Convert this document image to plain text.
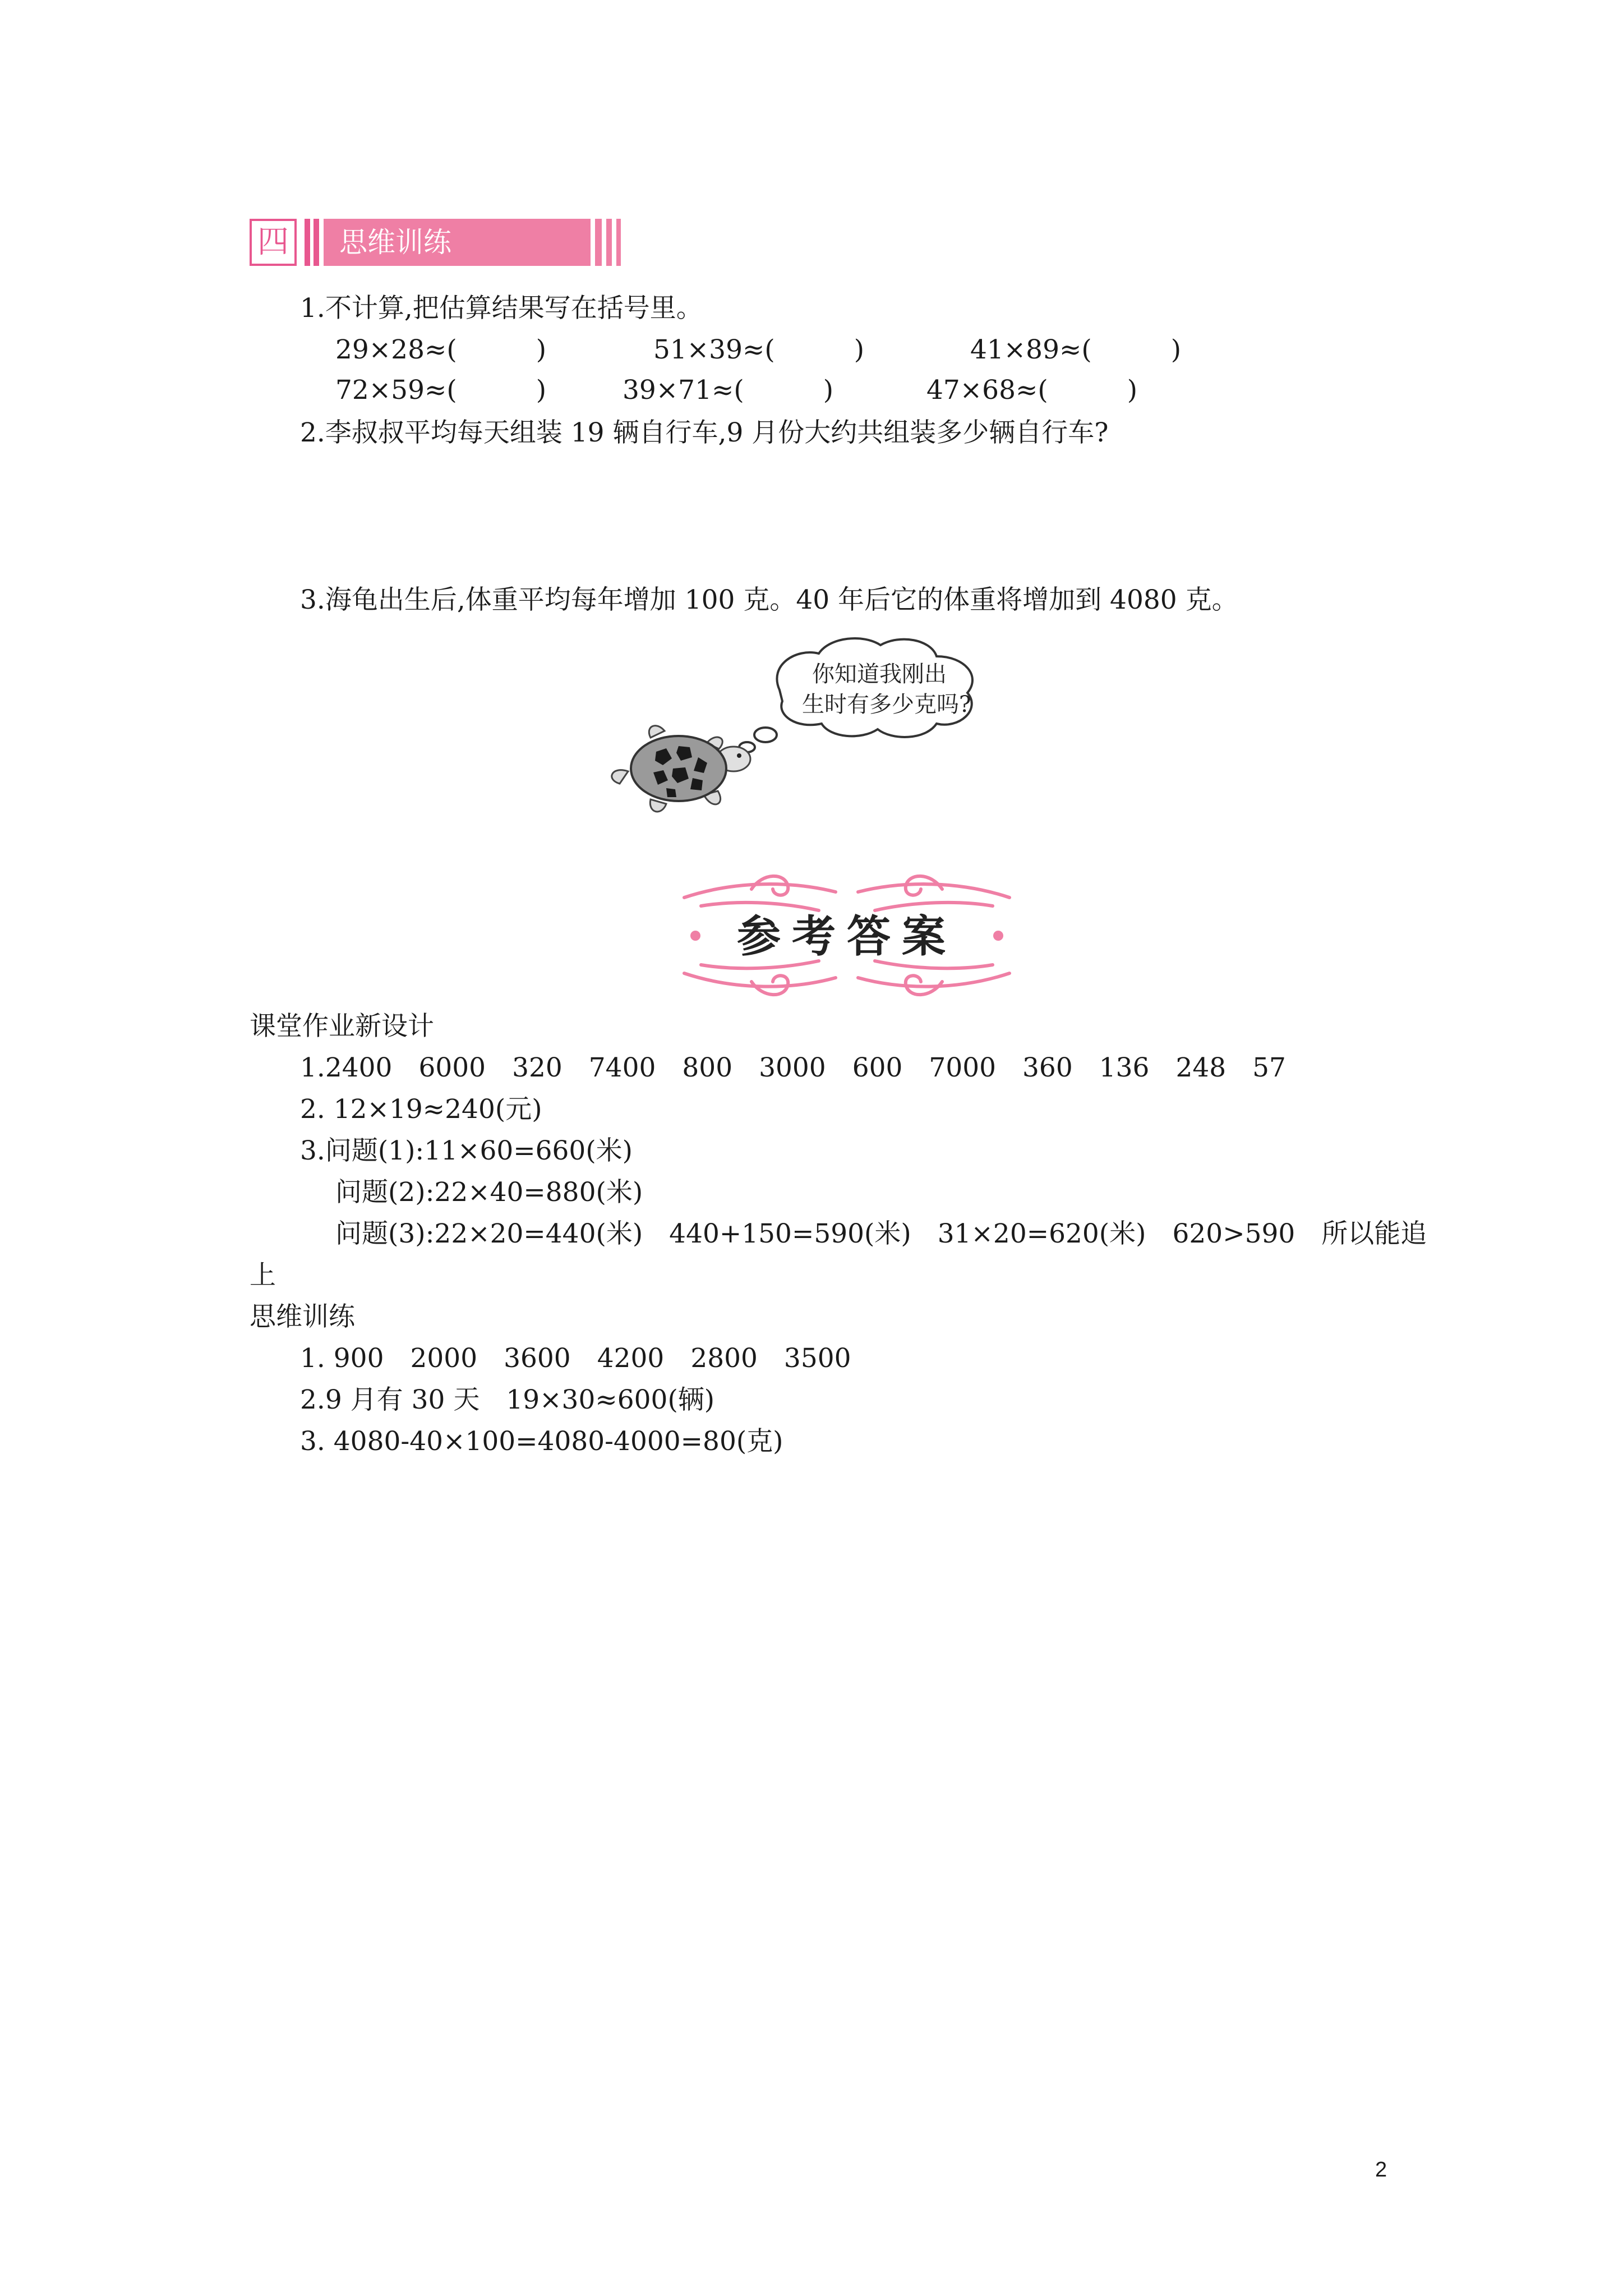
四	思维训练
1.不计算,把估算结果写在括号里。
29×28≈(　　　)	51×39≈(　　　)	41×89≈(　　　)
72×59≈(　　　)	39×71≈(　　　)	47×68≈(　　　)
2.李叔叔平均每天组装 19 辆自行车,9 月份大约共组装多少辆自行车?
3.海龟出生后,体重平均每年增加 100 克。40 年后它的体重将增加到 4080 克。
你知道我刚出
生时有多少克吗?
参考答案
课堂作业新设计
1.2400　6000　320　7400　800　3000　600　7000　360　136　248　57
2. 12×19≈240(元)
3.问题(1):11×60=660(米)
问题(2):22×40=880(米)
问题(3):22×20=440(米)　440+150=590(米)　31×20=620(米)　620>590　所以能追
上
思维训练
1. 900　2000　3600　4200　2800　3500
2.9 月有 30 天　19×30≈600(辆)
3. 4080-40×100=4080-4000=80(克)
2
